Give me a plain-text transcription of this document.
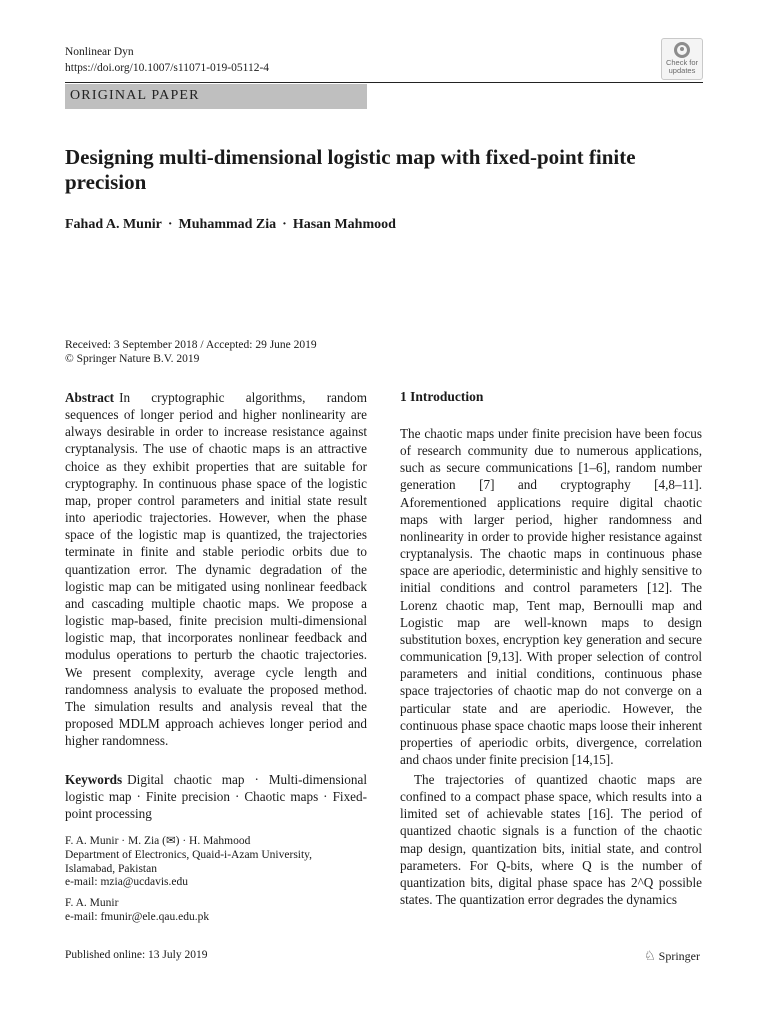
Nonlinear Dyn
https://doi.org/10.1007/s11071-019-05112-4	Check for
updates
ORIGINAL PAPER
Designing multi-dimensional logistic map with fixed-point finite precision
Fahad A. Munir · Muhammad Zia · Hasan Mahmood
Received: 3 September 2018 / Accepted: 29 June 2019
© Springer Nature B.V. 2019
Abstract In cryptographic algorithms, random sequences of longer period and higher nonlinearity are always desirable in order to increase resistance against cryptanalysis. The use of chaotic maps is an attractive choice as they exhibit properties that are suitable for cryptography. In continuous phase space of the logistic map, proper control parameters and initial state result into aperiodic trajectories. However, when the phase space of the logistic map is quantized, the trajectories terminate in finite and stable periodic orbits due to quantization error. The dynamic degradation of the logistic map can be mitigated using nonlinear feedback and cascading multiple chaotic maps. We propose a logistic map-based, finite precision multi-dimensional logistic map, that incorporates nonlinear feedback and modulus operations to perturb the chaotic trajectories. We present complexity, average cycle length and randomness analysis to evaluate the proposed method. The simulation results and analysis reveal that the proposed MDLM approach achieves longer period and higher randomness.
Keywords Digital chaotic map · Multi-dimensional logistic map · Finite precision · Chaotic maps · Fixed-point processing
F. A. Munir · M. Zia (✉) · H. Mahmood
Department of Electronics, Quaid-i-Azam University,
Islamabad, Pakistan
e-mail: mzia@ucdavis.edu
F. A. Munir
e-mail: fmunir@ele.qau.edu.pk
1 Introduction
The chaotic maps under finite precision have been focus of research community due to numerous applications, such as secure communications [1–6], random number generation [7] and cryptography [4,8–11]. Aforementioned applications require digital chaotic maps with larger period, higher randomness and nonlinearity in order to provide higher resistance against cryptanalysis. The chaotic maps in continuous phase space are aperiodic, deterministic and highly sensitive to initial conditions and control parameters [12]. The Lorenz chaotic map, Tent map, Bernoulli map and Logistic map are well-known maps to design substitution boxes, encryption key generation and secure communication [9,13]. With proper selection of control parameters and initial conditions, continuous phase space trajectories of chaotic map do not converge on a particular state and are aperiodic. However, the continuous phase space chaotic maps loose their inherent properties of aperiodic orbits, divergence, correlation and chaos under finite precision [14,15].
The trajectories of quantized chaotic maps are confined to a compact phase space, which results into a limited set of achievable states [16]. The period of quantized chaotic signals is a function of the chaotic map design, quantization bits, initial state, and control parameters. For Q-bits, where Q is the number of quantization bits, digital phase space has 2^Q possible states. The quantization error degrades the dynamics
Published online: 13 July 2019	♘ Springer
